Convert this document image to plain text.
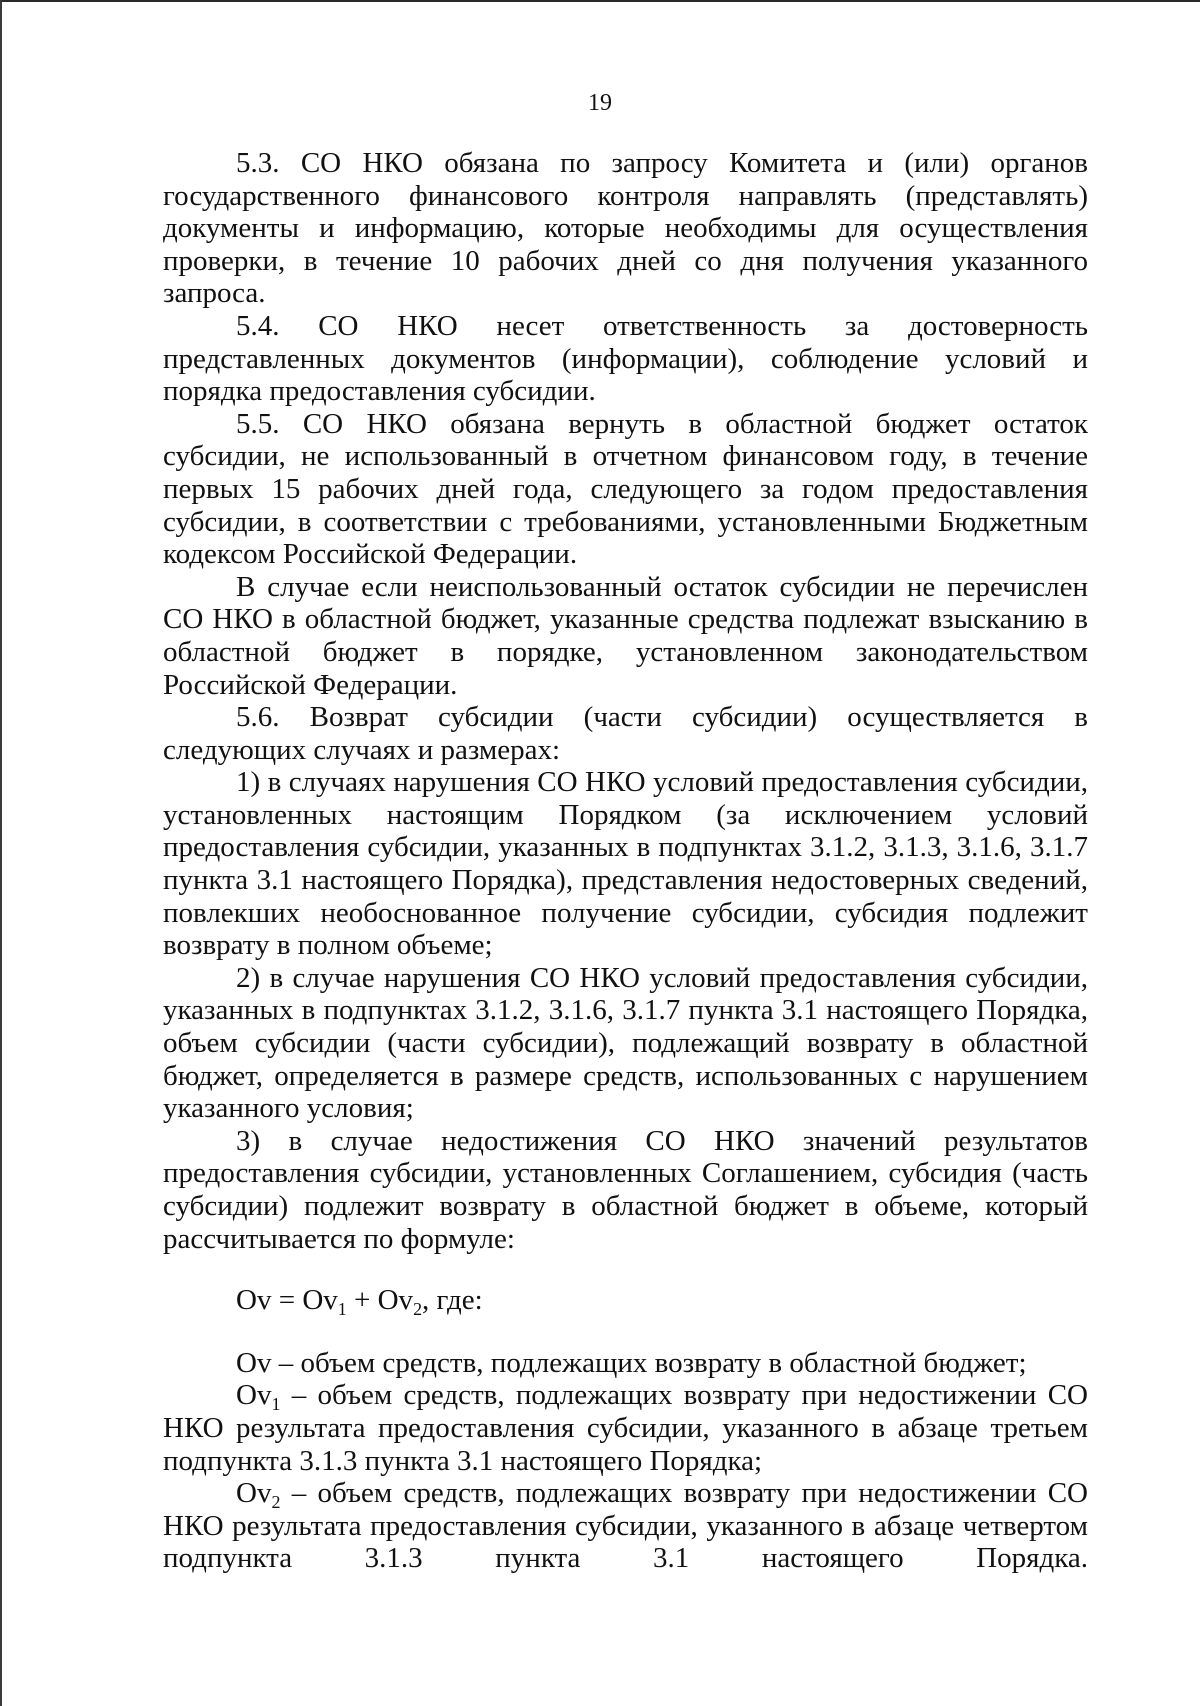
19

5.3. СО НКО обязана по запросу Комитета и (или) органов государственного финансового контроля направлять (представлять) документы и информацию, которые необходимы для осуществления проверки, в течение 10 рабочих дней со дня получения указанного запроса.

5.4. СО НКО несет ответственность за достоверность представленных документов (информации), соблюдение условий и порядка предоставления субсидии.

5.5. СО НКО обязана вернуть в областной бюджет остаток субсидии, не использованный в отчетном финансовом году, в течение первых 15 рабочих дней года, следующего за годом предоставления субсидии, в соответствии с требованиями, установленными Бюджетным кодексом Российской Федерации.

В случае если неиспользованный остаток субсидии не перечислен СО НКО в областной бюджет, указанные средства подлежат взысканию в областной бюджет в порядке, установленном законодательством Российской Федерации.

5.6. Возврат субсидии (части субсидии) осуществляется в следующих случаях и размерах:

1) в случаях нарушения СО НКО условий предоставления субсидии, установленных настоящим Порядком (за исключением условий предоставления субсидии, указанных в подпунктах 3.1.2, 3.1.3, 3.1.6, 3.1.7 пункта 3.1 настоящего Порядка), представления недостоверных сведений, повлекших необоснованное получение субсидии, субсидия подлежит возврату в полном объеме;

2) в случае нарушения СО НКО условий предоставления субсидии, указанных в подпунктах 3.1.2, 3.1.6, 3.1.7 пункта 3.1 настоящего Порядка, объем субсидии (части субсидии), подлежащий возврату в областной бюджет, определяется в размере средств, использованных с нарушением указанного условия;

3) в случае недостижения СО НКО значений результатов предоставления субсидии, установленных Соглашением, субсидия (часть субсидии) подлежит возврату в областной бюджет в объеме, который рассчитывается по формуле:

$Ov = Ov_1 + Ov_2$, где:

Ov – объем средств, подлежащих возврату в областной бюджет;

$Ov_1$ – объем средств, подлежащих возврату при недостижении СО НКО результата предоставления субсидии, указанного в абзаце третьем подпункта 3.1.3 пункта 3.1 настоящего Порядка;

$Ov_2$ – объем средств, подлежащих возврату при недостижении СО НКО результата предоставления субсидии, указанного в абзаце четвертом подпункта 3.1.3 пункта 3.1 настоящего Порядка.
